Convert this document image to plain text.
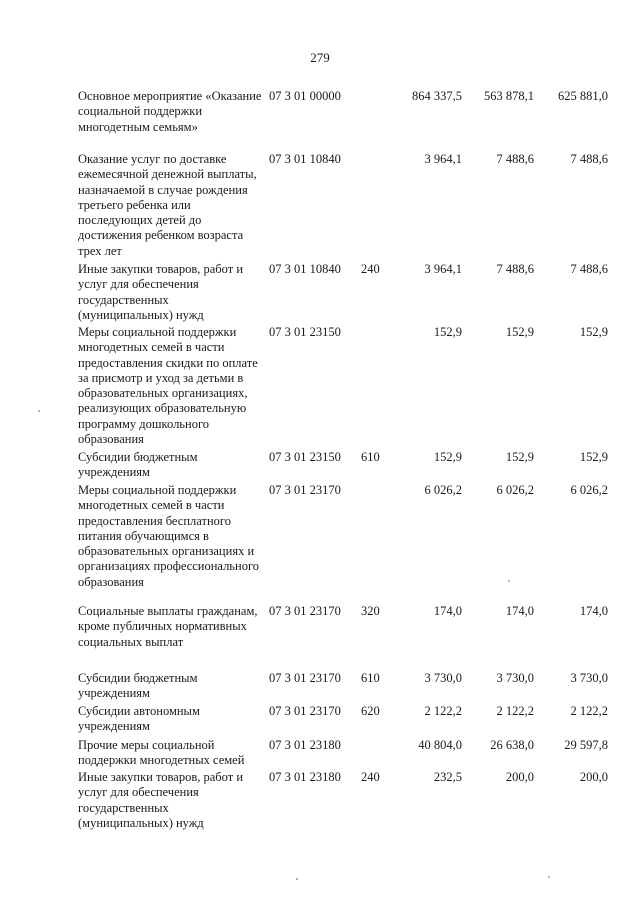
279
Основное мероприятие «Оказание социальной поддержки многодетным семьям»
07 3 01 00000	864 337,5	563 878,1	625 881,0
Оказание услуг по доставке ежемесячной денежной выплаты, назначаемой в случае рождения третьего ребенка или последующих детей до достижения ребенком возраста трех лет
07 3 01 10840	3 964,1	7 488,6	7 488,6
Иные закупки товаров, работ и услуг для обеспечения государственных (муниципальных) нужд
07 3 01 10840	240	3 964,1	7 488,6	7 488,6
Меры социальной поддержки многодетных семей в части предоставления скидки по оплате за присмотр и уход за детьми в образовательных организациях, реализующих образовательную программу дошкольного образования
07 3 01 23150	152,9	152,9	152,9
Субсидии бюджетным учреждениям
07 3 01 23150	610	152,9	152,9	152,9
Меры социальной поддержки многодетных семей в части предоставления бесплатного питания обучающимся в образовательных организациях и организациях профессионального образования
07 3 01 23170	6 026,2	6 026,2	6 026,2
Социальные выплаты гражданам, кроме публичных нормативных социальных выплат
07 3 01 23170	320	174,0	174,0	174,0
Субсидии бюджетным учреждениям
07 3 01 23170	610	3 730,0	3 730,0	3 730,0
Субсидии автономным учреждениям
07 3 01 23170	620	2 122,2	2 122,2	2 122,2
Прочие меры социальной поддержки многодетных семей
07 3 01 23180	40 804,0	26 638,0	29 597,8
Иные закупки товаров, работ и услуг для обеспечения государственных (муниципальных) нужд
07 3 01 23180	240	232,5	200,0	200,0
